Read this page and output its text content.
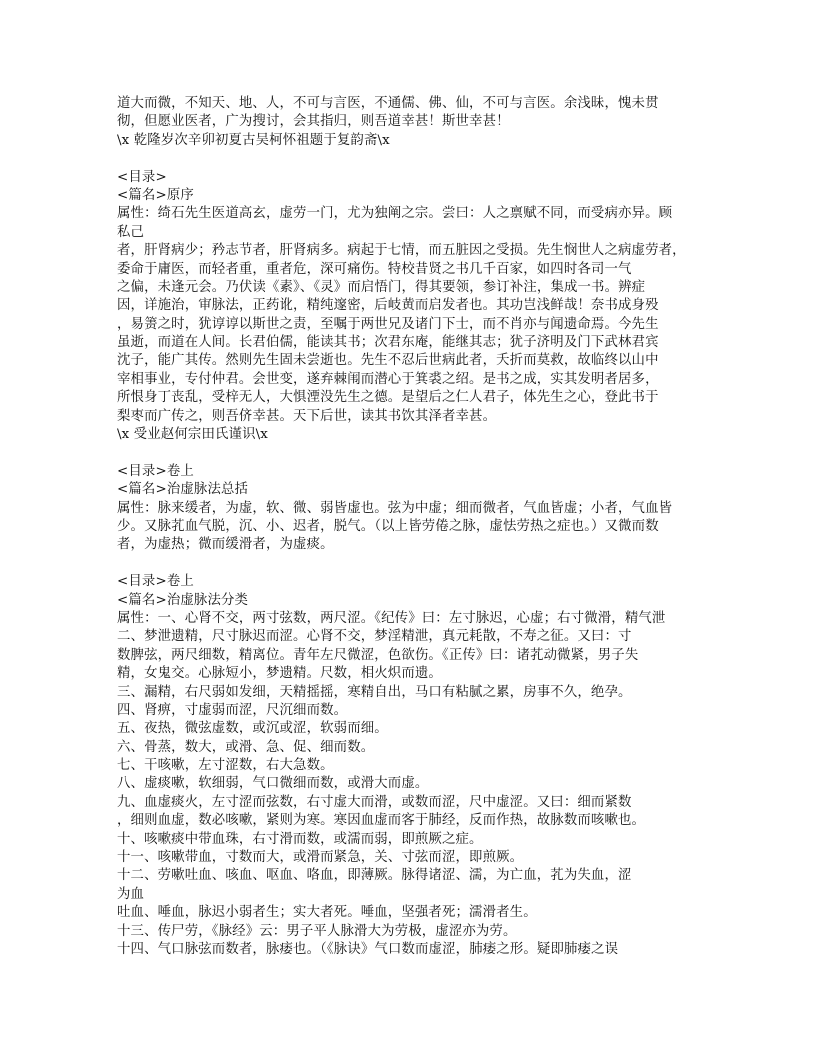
道大而微，不知天、地、人，不可与言医，不通儒、佛、仙，不可与言医。余浅昧，愧未贯
彻，但愿业医者，广为搜讨，会其指归，则吾道幸甚！斯世幸甚！
\x 乾隆岁次辛卯初夏古吴柯怀祖题于复韵斋\x
<目录>
<篇名>原序
属性：绮石先生医道高玄，虚劳一门，尤为独阐之宗。尝曰：人之禀赋不同，而受病亦异。顾
私己
者，肝肾病少；矜志节者，肝肾病多。病起于七情，而五脏因之受损。先生悯世人之病虚劳者，
委命于庸医，而轻者重，重者危，深可痛伤。特校昔贤之书几千百家，如四时各司一气
之偏，未逢元会。乃伏读《素》、《灵》而启悟门，得其要领，参订补注，集成一书。辨症
因，详施治，审脉法，正药讹，精纯邃密，后岐黄而启发者也。其功岂浅鲜哉！奈书成身殁
，易箦之时，犹谆谆以斯世之责，至嘱于两世兄及诸门下士，而不肖亦与闻遗命焉。今先生
虽逝，而道在人间。长君伯儒，能读其书；次君东庵，能继其志；犹子济明及门下武林君宾
沈子，能广其传。然则先生固未尝逝也。先生不忍后世病此者，夭折而莫救，故临终以山中
宰相事业，专付仲君。会世变，遂弃棘闱而潜心于箕裘之绍。是书之成，实其发明者居多，
所恨身丁丧乱，受梓无人，大惧湮没先生之德。是望后之仁人君子，体先生之心，登此书于
梨枣而广传之，则吾侪幸甚。天下后世，读其书饮其泽者幸甚。
\x 受业赵何宗田氏谨识\x
<目录>卷上
<篇名>治虚脉法总括
属性：脉来缓者，为虚，软、微、弱皆虚也。弦为中虚；细而微者，气血皆虚；小者，气血皆
少。又脉芤血气脱，沉、小、迟者，脱气。（以上皆劳倦之脉，虚怯劳热之症也。）又微而数
者，为虚热；微而缓滑者，为虚痰。
<目录>卷上
<篇名>治虚脉法分类
属性：一、心肾不交，两寸弦数，两尺涩。《纪传》曰：左寸脉迟，心虚；右寸微滑，精气泄
二、梦泄遗精，尺寸脉迟而涩。心肾不交，梦淫精泄，真元耗散，不寿之征。又曰：寸
数脾弦，两尺细数，精离位。青年左尺微涩，色欲伤。《正传》曰：诸芤动微紧，男子失
精，女鬼交。心脉短小，梦遗精。尺数，相火炽而遗。
三、漏精，右尺弱如发细，天精摇摇，寒精自出，马口有粘腻之累，房事不久，绝孕。
四、肾痹，寸虚弱而涩，尺沉细而数。
五、夜热，微弦虚数，或沉或涩，软弱而细。
六、骨蒸，数大，或滑、急、促、细而数。
七、干咳嗽，左寸涩数，右大急数。
八、虚痰嗽，软细弱，气口微细而数，或滑大而虚。
九、血虚痰火，左寸涩而弦数，右寸虚大而滑，或数而涩，尺中虚涩。又曰：细而紧数
，细则血虚，数必咳嗽，紧则为寒。寒因血虚而客于肺经，反而作热，故脉数而咳嗽也。
十、咳嗽痰中带血珠，右寸滑而数，或濡而弱，即煎厥之症。
十一、咳嗽带血，寸数而大，或滑而紧急，关、寸弦而涩，即煎厥。
十二、劳嗽吐血、咳血、呕血、咯血，即薄厥。脉得诸涩、濡，为亡血，芤为失血，涩
为血
吐血、唾血，脉迟小弱者生；实大者死。唾血，坚强者死；濡滑者生。
十三、传尸劳，《脉经》云：男子平人脉滑大为劳极，虚涩亦为劳。
十四、气口脉弦而数者，脉痿也。（《脉诀》气口数而虚涩，肺痿之形。疑即肺痿之误
